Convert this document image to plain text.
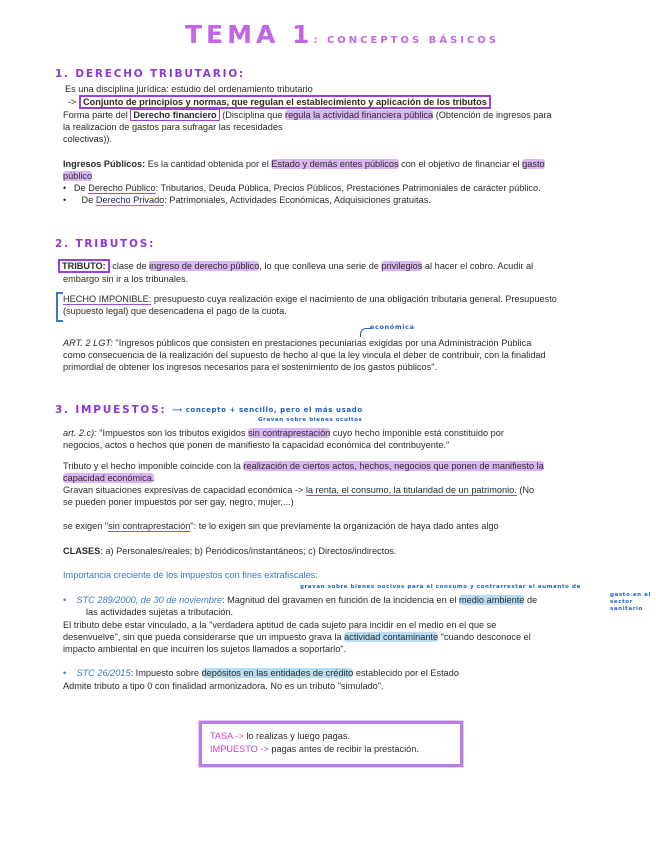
TEMA 1: CONCEPTOS BÁSICOS
1. DERECHO TRIBUTARIO:
Es una disciplina jurídica: estudio del ordenamiento tributario
-> Conjunto de principios y normas, que regulan el establecimiento y aplicación de los tributos
Forma parte del Derecho financiero (Disciplina que regula la actividad financiera pública (Obtención de ingresos para
la realizacion de gastos para sufragar las recesidades
colectivas)).
Ingresos Públicos: Es la cantidad obtenida por el Estado y demás entes públicos con el objetivo de financiar el gasto
público
•   De Derecho Público: Tributarios, Deuda Pública, Precios Públicos, Prestaciones Patrimoniales de carácter público.
•      De Derecho Privado: Patrimoniales, Actividades Económicas, Adquisiciones gratuitas.
2. TRIBUTOS:
TRIBUTO: clase de ingreso de derecho público, lo que conlleva una serie de privilegios al hacer el cobro. Acudir al
embargo sin ir a los tribunales.
HECHO IMPONIBLE: presupuesto cuya realización exige el nacimiento de una obligación tributaria general. Presupuesto
(supuesto legal) que desencadena el pago de la cuota.
económica
ART. 2 LGT: "Ingresos públicos que consisten en prestaciones pecuniarias exigidas por una Administración Pública
como consecuencia de la realización del supuesto de hecho al que la ley vincula el deber de contribuir, con la finalidad
primordial de obtener los ingresos necesarios para el sostenimiento de los gastos públicos".
3. IMPUESTOS: ⟶ concepto + sencillo, pero el más usado
Gravan sobre bienes ocultos
art. 2.c): "Impuestos son los tributos exigidos sin contraprestación cuyo hecho imponible está constituido por
negocios, actos o hechos que ponen de manifiesto la capacidad económica del contribuyente."
Tributo y el hecho imponible coincide con la realización de ciertos actos, hechos, negocios que ponen de manifiesto la
capacidad económica.
Gravan situaciones expresivas de capacidad económica -> la renta, el consumo, la titularidad de un patrimonio. (No
se pueden poner impuestos por ser gay, negro, mujer,...)
se exigen "sin contraprestación": te lo exigen sin que previamente la organización de haya dado antes algo
CLASES: a) Personales/reales; b) Periódicos/instantáneos; c) Directos/indirectos.
Importancia creciente de los impuestos con fines extrafiscales:
gravan sobre bienes nocivos para él consumo y contrarrestar el aumento de
gasto en el sector sanitario
•    STC 289/2000, de 30 de noviembre: Magnitud del gravamen en función de la incidencia en el medio ambiente de
las actividades sujetas a tributación.
El tributo debe estar vinculado, a la "verdadera aptitud de cada sujeto para incidir en el medio en el que se
desenvuelve", sin que pueda considerarse que un impuesto grava la actividad contaminante "cuando desconoce el
impacto ambiental en que incurren los sujetos llamados a soportarlo".
•    STC 26/2015: Impuesto sobre depósitos en las entidades de crédito establecido por el Estado
Admite tributo a tipo 0 con finalidad armonizadora. No es un tributo "simulado".
TASA -> lo realizas y luego pagas.
IMPUESTO -> pagas antes de recibir la prestación.
